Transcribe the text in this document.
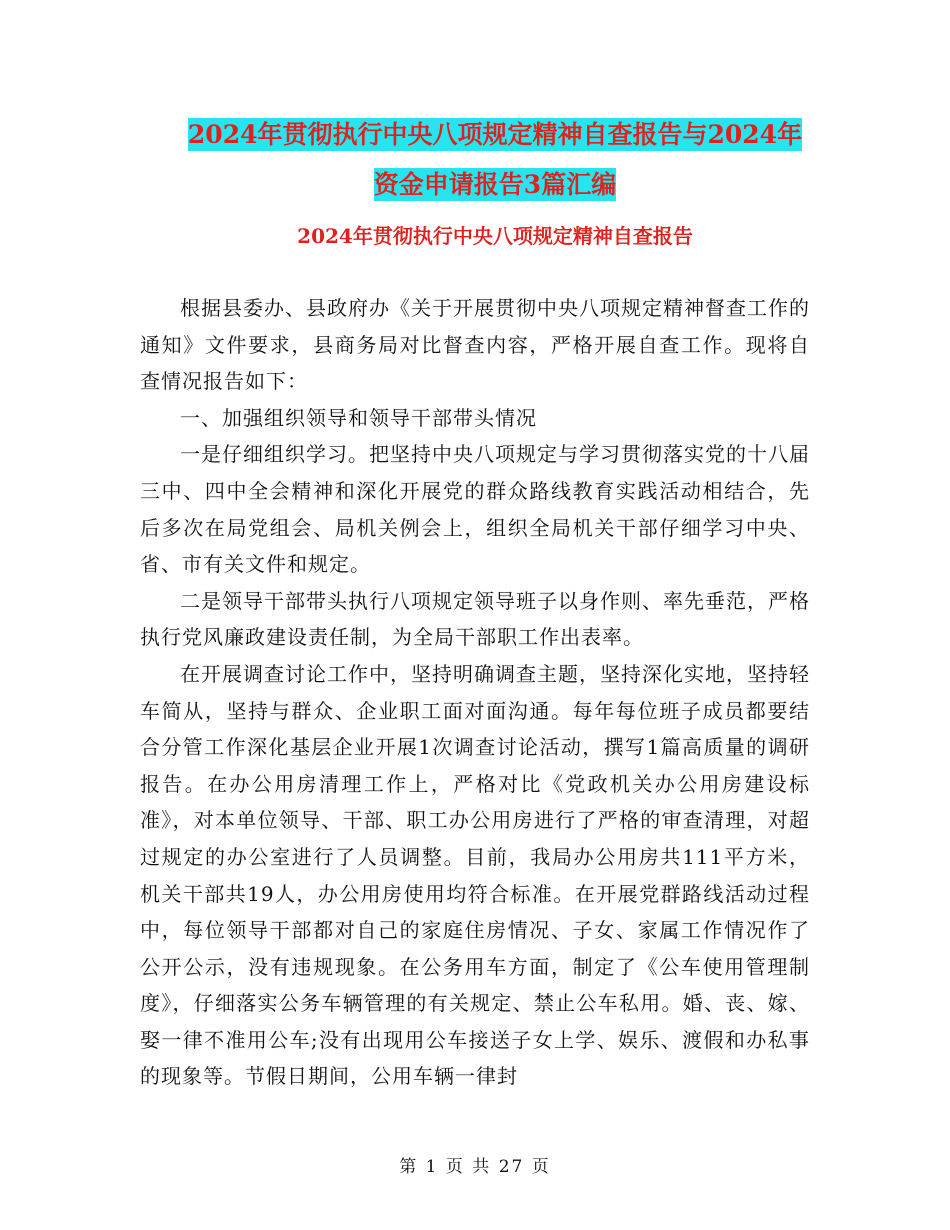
2024年贯彻执行中央八项规定精神自查报告与2024年
资金申请报告3篇汇编
2024年贯彻执行中央八项规定精神自查报告

根据县委办、县政府办《关于开展贯彻中央八项规定精神督查工作的通知》文件要求，县商务局对比督查内容，严格开展自查工作。现将自查情况报告如下：

一、加强组织领导和领导干部带头情况

一是仔细组织学习。把坚持中央八项规定与学习贯彻落实党的十八届三中、四中全会精神和深化开展党的群众路线教育实践活动相结合，先后多次在局党组会、局机关例会上，组织全局机关干部仔细学习中央、省、市有关文件和规定。

二是领导干部带头执行八项规定领导班子以身作则、率先垂范，严格执行党风廉政建设责任制，为全局干部职工作出表率。

在开展调查讨论工作中，坚持明确调查主题，坚持深化实地，坚持轻车简从，坚持与群众、企业职工面对面沟通。每年每位班子成员都要结合分管工作深化基层企业开展1次调查讨论活动，撰写1篇高质量的调研报告。在办公用房清理工作上，严格对比《党政机关办公用房建设标准》，对本单位领导、干部、职工办公用房进行了严格的审查清理，对超过规定的办公室进行了人员调整。目前，我局办公用房共111平方米，机关干部共19人，办公用房使用均符合标准。在开展党群路线活动过程中，每位领导干部都对自己的家庭住房情况、子女、家属工作情况作了公开公示，没有违规现象。在公务用车方面，制定了《公车使用管理制度》，仔细落实公务车辆管理的有关规定、禁止公车私用。婚、丧、嫁、娶一律不准用公车;没有出现用公车接送子女上学、娱乐、渡假和办私事的现象等。节假日期间，公用车辆一律封

第 1 页 共 27 页
